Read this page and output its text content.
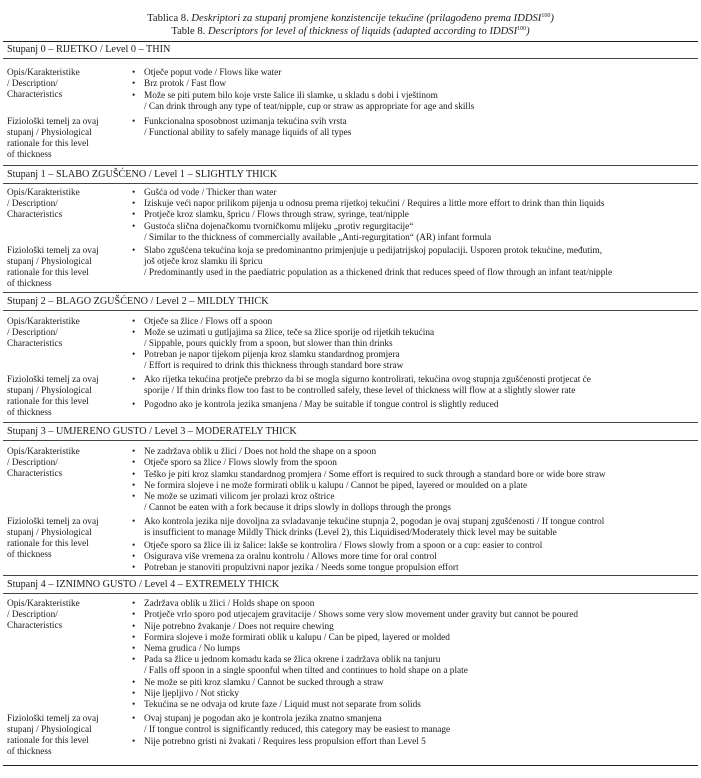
Tablica 8. Deskriptori za stupanj promjene konzistencije tekućine (prilagođeno prema IDDSI$^{100}$)
Table 8. Descriptors for level of thickness of liquids (adapted according to IDDSI$^{100}$)
Stupanj 0 – RIJETKO / Level 0 – THIN
Opis/Karakteristike
/ Description/
Characteristics
• Otječe poput vode / Flows like water
• Brz protok / Fast flow
• Može se piti putem bilo koje vrste šalice ili slamke, u skladu s dobi i vještinom
/ Can drink through any type of teat/nipple, cup or straw as appropriate for age and skills
Fiziološki temelj za ovaj
stupanj / Physiological
rationale for this level
of thickness
• Funkcionalna sposobnost uzimanja tekućina svih vrsta
/ Functional ability to safely manage liquids of all types
Stupanj 1 – SLABO ZGUŠĆENO / Level 1 – SLIGHTLY THICK
Opis/Karakteristike
/ Description/
Characteristics
• Gušća od vode / Thicker than water
• Iziskuje veći napor prilikom pijenja u odnosu prema rijetkoj tekućini / Requires a little more effort to drink than thin liquids
• Protječe kroz slamku, špricu / Flows through straw, syringe, teat/nipple
• Gustoća slična dojenačkomu tvorničkomu mlijeku „protiv regurgitacije“
/ Similar to the thickness of commercially available „Anti-regurgitation“ (AR) infant formula
Fiziološki temelj za ovaj
stupanj / Physiological
rationale for this level
of thickness
• Slabo zgušćena tekućina koja se predominantno primjenjuje u pedijatrijskoj populaciji. Usporen protok tekućine, međutim,
još otječe kroz slamku ili špricu
/ Predominantly used in the paediatric population as a thickened drink that reduces speed of flow through an infant teat/nipple
Stupanj 2 – BLAGO ZGUŠĆENO / Level 2 – MILDLY THICK
Opis/Karakteristike
/ Description/
Characteristics
• Otječe sa žlice / Flows off a spoon
• Može se uzimati u gutljajima sa žlice, teče sa žlice sporije od rijetkih tekućina
/ Sippable, pours quickly from a spoon, but slower than thin drinks
• Potreban je napor tijekom pijenja kroz slamku standardnog promjera
/ Effort is required to drink this thickness through standard bore straw
Fiziološki temelj za ovaj
stupanj / Physiological
rationale for this level
of thickness
• Ako rijetka tekućina protječe prebrzo da bi se mogla sigurno kontrolirati, tekućina ovog stupnja zgušćenosti protjecat će
sporije / If thin drinks flow too fast to be controlled safely, these level of thickness will flow at a slightly slower rate
• Pogodno ako je kontrola jezika smanjena / May be suitable if tongue control is slightly reduced
Stupanj 3 – UMJERENO GUSTO / Level 3 – MODERATELY THICK
Opis/Karakteristike
/ Description/
Characteristics
• Ne zadržava oblik u žlici / Does not hold the shape on a spoon
• Otječe sporo sa žlice / Flows slowly from the spoon
• Teško je piti kroz slamku standardnog promjera / Some effort is required to suck through a standard bore or wide bore straw
• Ne formira slojeve i ne može formirati oblik u kalupu / Cannot be piped, layered or moulded on a plate
• Ne može se uzimati vilicom jer prolazi kroz oštrice
/ Cannot be eaten with a fork because it drips slowly in dollops through the prongs
Fiziološki temelj za ovaj
stupanj / Physiological
rationale for this level
of thickness
• Ako kontrola jezika nije dovoljna za svladavanje tekućine stupnja 2, pogodan je ovaj stupanj zgušćenosti / If tongue control
is insufficient to manage Mildly Thick drinks (Level 2), this Liquidised/Moderately thick level may be suitable
• Otječe sporo sa žlice ili iz šalice: lakše se kontrolira / Flows slowly from a spoon or a cup: easier to control
• Osigurava više vremena za oralnu kontrolu / Allows more time for oral control
• Potreban je stanoviti propulzivni napor jezika / Needs some tongue propulsion effort
Stupanj 4 – IZNIMNO GUSTO / Level 4 – EXTREMELY THICK
Opis/Karakteristike
/ Description/
Characteristics
• Zadržava oblik u žlici / Holds shape on spoon
• Protječe vrlo sporo pod utjecajem gravitacije / Shows some very slow movement under gravity but cannot be poured
• Nije potrebno žvakanje / Does not require chewing
• Formira slojeve i može formirati oblik u kalupu / Can be piped, layered or molded
• Nema grudica / No lumps
• Pada sa žlice u jednom komadu kada se žlica okrene i zadržava oblik na tanjuru
/ Falls off spoon in a single spoonful when tilted and continues to hold shape on a plate
• Ne može se piti kroz slamku / Cannot be sucked through a straw
• Nije ljepljivo / Not sticky
• Tekućina se ne odvaja od krute faze / Liquid must not separate from solids
Fiziološki temelj za ovaj
stupanj / Physiological
rationale for this level
of thickness
• Ovaj stupanj je pogodan ako je kontrola jezika znatno smanjena
/ If tongue control is significantly reduced, this category may be easiest to manage
• Nije potrebno gristi ni žvakati / Requires less propulsion effort than Level 5
